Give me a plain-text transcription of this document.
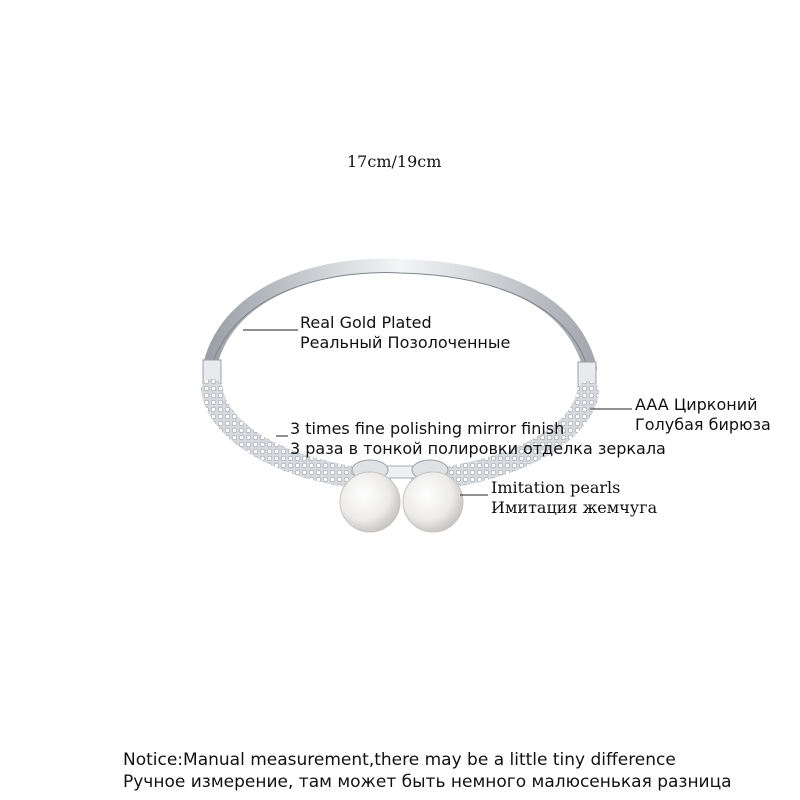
17cm/19cm
Real Gold Plated
Реальный Позолоченные
3 times fine polishing mirror finish
3 раза в тонкой полировки отделка зеркала
AAA Цирконий
Голубая бирюза
Imitation pearls
Имитация жемчуга
Notice:Manual measurement,there may be a little tiny difference
Ручное измерение, там может быть немного малюсенькая разница
